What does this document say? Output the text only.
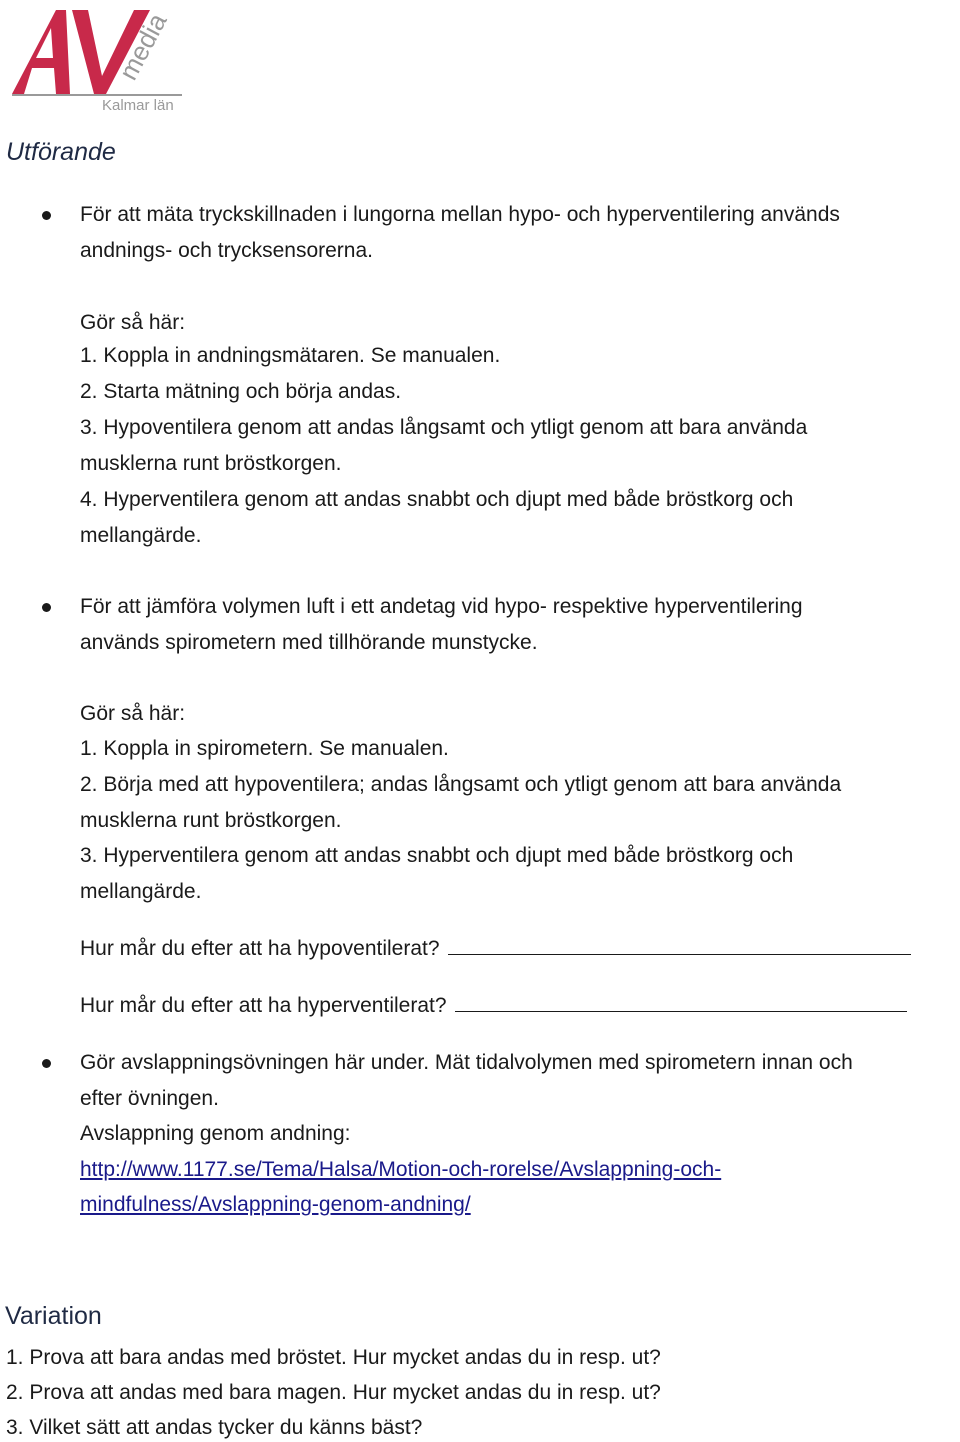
media
Kalmar län
Utförande
För att mäta tryckskillnaden i lungorna mellan hypo- och hyperventilering används
andnings- och trycksensorerna.
Gör så här:
1. Koppla in andningsmätaren. Se manualen.
2. Starta mätning och börja andas.
3. Hypoventilera genom att andas långsamt och ytligt genom att bara använda
musklerna runt bröstkorgen.
4. Hyperventilera genom att andas snabbt och djupt med både bröstkorg och
mellangärde.
För att jämföra volymen luft i ett andetag vid hypo- respektive hyperventilering
används spirometern med tillhörande munstycke.
Gör så här:
1. Koppla in spirometern. Se manualen.
2. Börja med att hypoventilera; andas långsamt och ytligt genom att bara använda
musklerna runt bröstkorgen.
3. Hyperventilera genom att andas snabbt och djupt med både bröstkorg och
mellangärde.
Hur mår du efter att ha hypoventilerat?
Hur mår du efter att ha hyperventilerat?
Gör avslappningsövningen här under. Mät tidalvolymen med spirometern innan och
efter övningen.
Avslappning genom andning:
http://www.1177.se/Tema/Halsa/Motion-och-rorelse/Avslappning-och-
mindfulness/Avslappning-genom-andning/
Variation
1. Prova att bara andas med bröstet. Hur mycket andas du in resp. ut?
2. Prova att andas med bara magen. Hur mycket andas du in resp. ut?
3. Vilket sätt att andas tycker du känns bäst?
